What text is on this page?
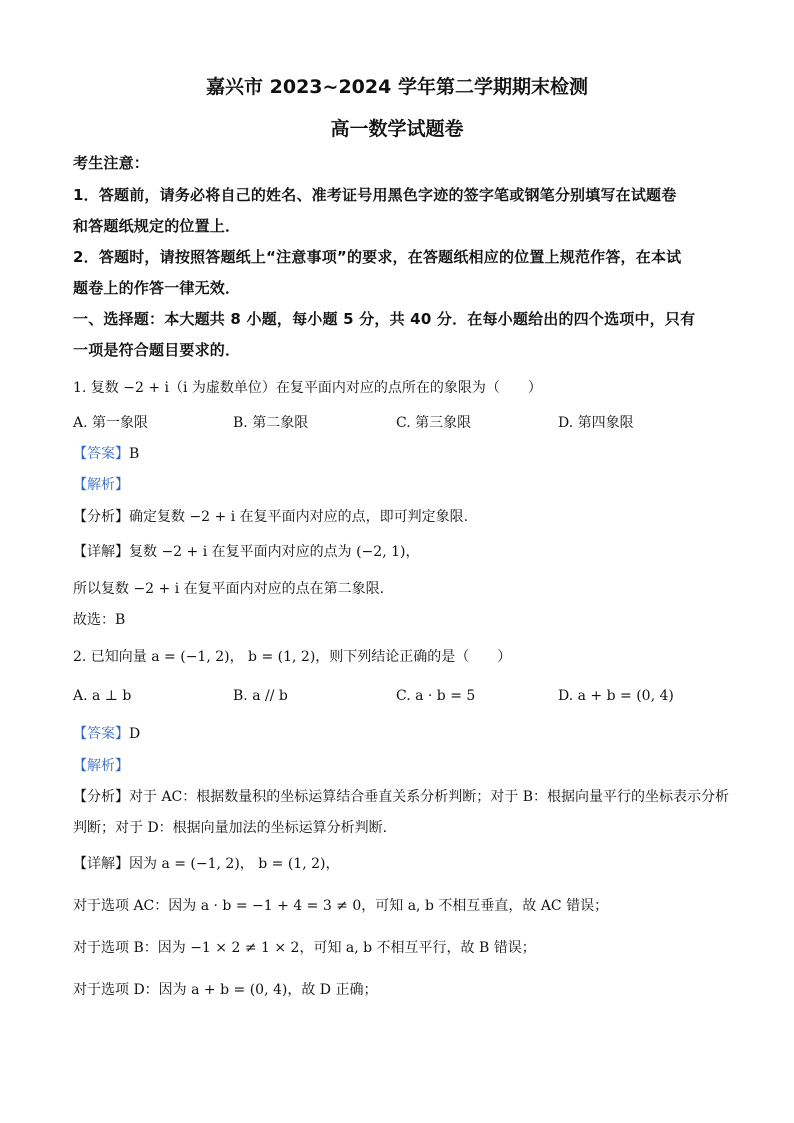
嘉兴市 2023~2024 学年第二学期期末检测
高一数学试题卷
考生注意：
1．答题前，请务必将自己的姓名、准考证号用黑色字迹的签字笔或钢笔分别填写在试题卷
和答题纸规定的位置上．
2．答题时，请按照答题纸上“注意事项”的要求，在答题纸相应的位置上规范作答，在本试
题卷上的作答一律无效．
一、选择题：本大题共 8 小题，每小题 5 分，共 40 分．在每小题给出的四个选项中，只有
一项是符合题目要求的．
1. 复数 −2 + i（i 为虚数单位）在复平面内对应的点所在的象限为（　　）
A. 第一象限	B. 第二象限	C. 第三象限	D. 第四象限
【答案】B
【解析】
【分析】确定复数 −2 + i 在复平面内对应的点，即可判定象限.
【详解】复数 −2 + i 在复平面内对应的点为 (−2, 1)，
所以复数 −2 + i 在复平面内对应的点在第二象限.
故选：B
2. 已知向量 a = (−1, 2)， b = (1, 2)，则下列结论正确的是（　　）
A. a ⊥ b	B. a // b	C. a · b = 5	D. a + b = (0, 4)
【答案】D
【解析】
【分析】对于 AC：根据数量积的坐标运算结合垂直关系分析判断；对于 B：根据向量平行的坐标表示分析
判断；对于 D：根据向量加法的坐标运算分析判断.
【详解】因为 a = (−1, 2)， b = (1, 2)，
对于选项 AC：因为 a · b = −1 + 4 = 3 ≠ 0，可知 a, b 不相互垂直，故 AC 错误；
对于选项 B：因为 −1 × 2 ≠ 1 × 2，可知 a, b 不相互平行，故 B 错误；
对于选项 D：因为 a + b = (0, 4)，故 D 正确；
